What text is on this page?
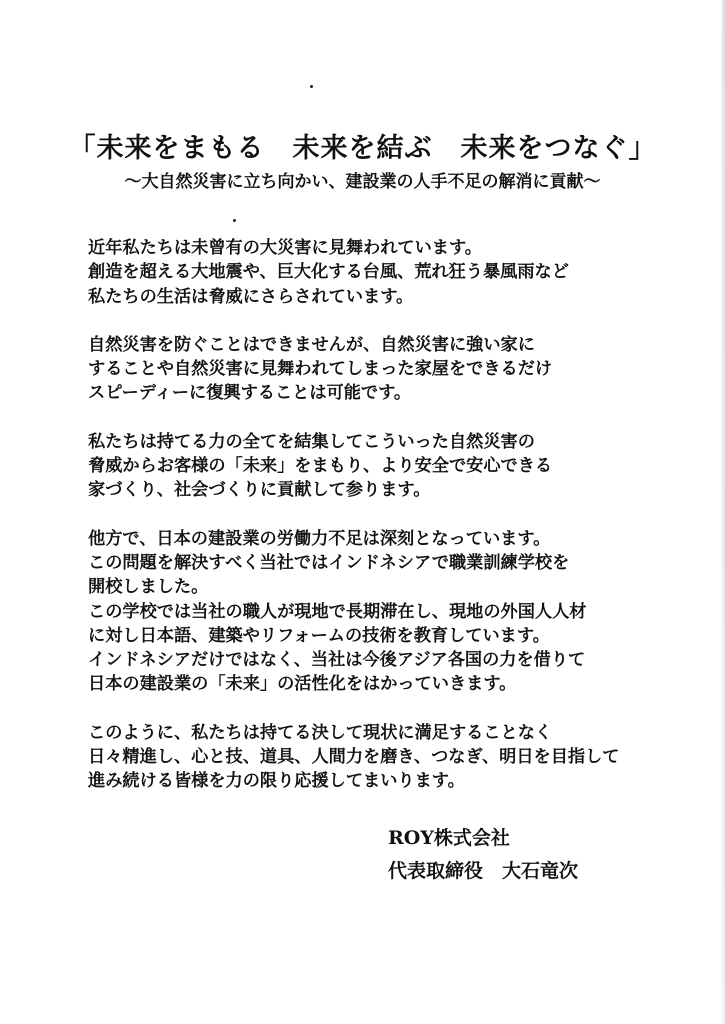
「未来をまもる　未来を結ぶ　未来をつなぐ」
〜大自然災害に立ち向かい、建設業の人手不足の解消に貢献〜
近年私たちは未曾有の大災害に見舞われています。
創造を超える大地震や、巨大化する台風、荒れ狂う暴風雨など
私たちの生活は脅威にさらされています。
自然災害を防ぐことはできませんが、自然災害に強い家に
することや自然災害に見舞われてしまった家屋をできるだけ
スピーディーに復興することは可能です。
私たちは持てる力の全てを結集してこういった自然災害の
脅威からお客様の「未来」をまもり、より安全で安心できる
家づくり、社会づくりに貢献して参ります。
他方で、日本の建設業の労働力不足は深刻となっています。
この問題を解決すべく当社ではインドネシアで職業訓練学校を
開校しました。
この学校では当社の職人が現地で長期滞在し、現地の外国人人材
に対し日本語、建築やリフォームの技術を教育しています。
インドネシアだけではなく、当社は今後アジア各国の力を借りて
日本の建設業の「未来」の活性化をはかっていきます。
このように、私たちは持てる決して現状に満足することなく
日々精進し、心と技、道具、人間力を磨き、つなぎ、明日を目指して
進み続ける皆様を力の限り応援してまいります。
ROY株式会社
代表取締役　大石竜次
